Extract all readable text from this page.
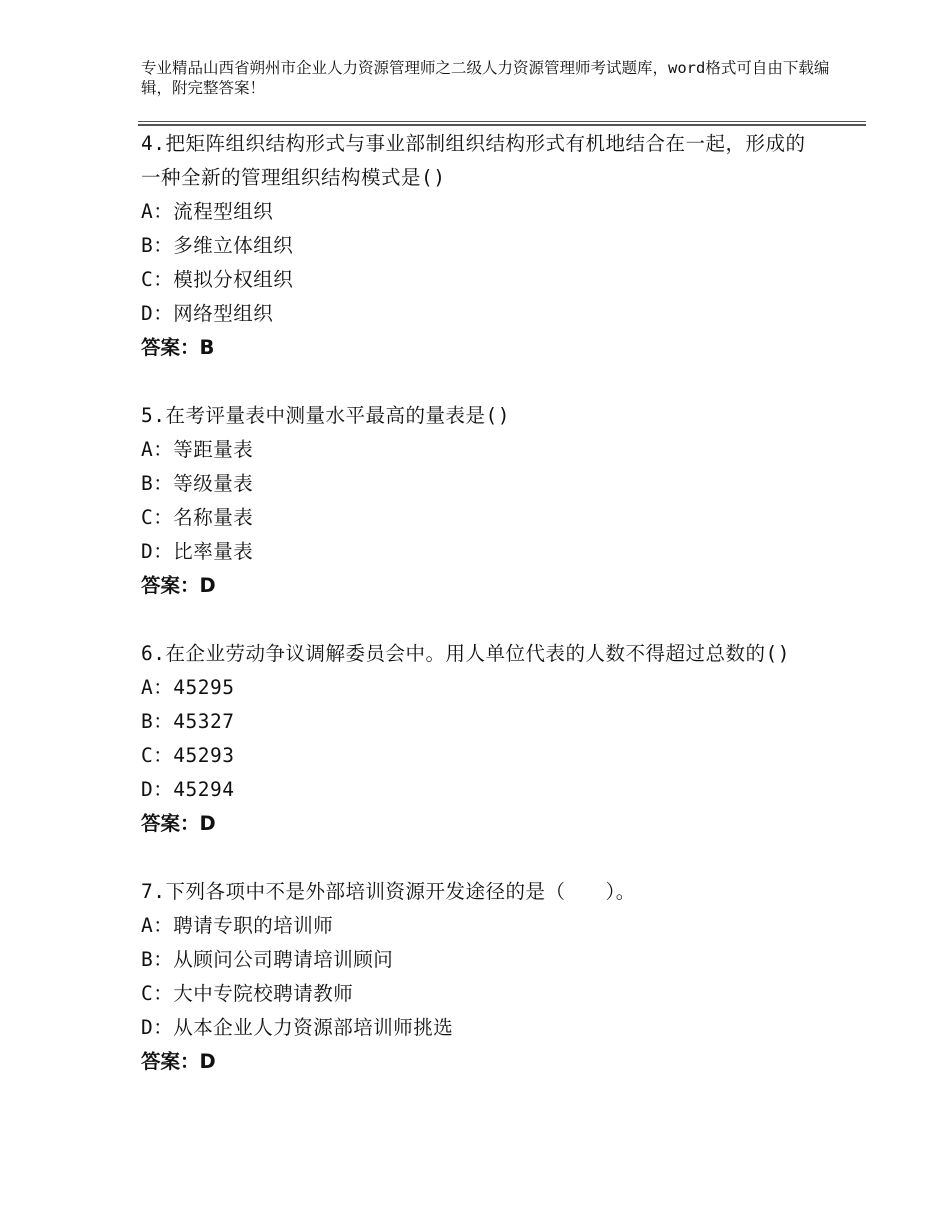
专业精品山西省朔州市企业人力资源管理师之二级人力资源管理师考试题库，word格式可自由下载编辑，附完整答案！
4.把矩阵组织结构形式与事业部制组织结构形式有机地结合在一起，形成的一种全新的管理组织结构模式是()
A：流程型组织
B：多维立体组织
C：模拟分权组织
D：网络型组织
答案：B
5.在考评量表中测量水平最高的量表是()
A：等距量表
B：等级量表
C：名称量表
D：比率量表
答案：D
6.在企业劳动争议调解委员会中。用人单位代表的人数不得超过总数的()
A：45295
B：45327
C：45293
D：45294
答案：D
7.下列各项中不是外部培训资源开发途径的是（　　）。
A：聘请专职的培训师
B：从顾问公司聘请培训顾问
C：大中专院校聘请教师
D：从本企业人力资源部培训师挑选
答案：D
